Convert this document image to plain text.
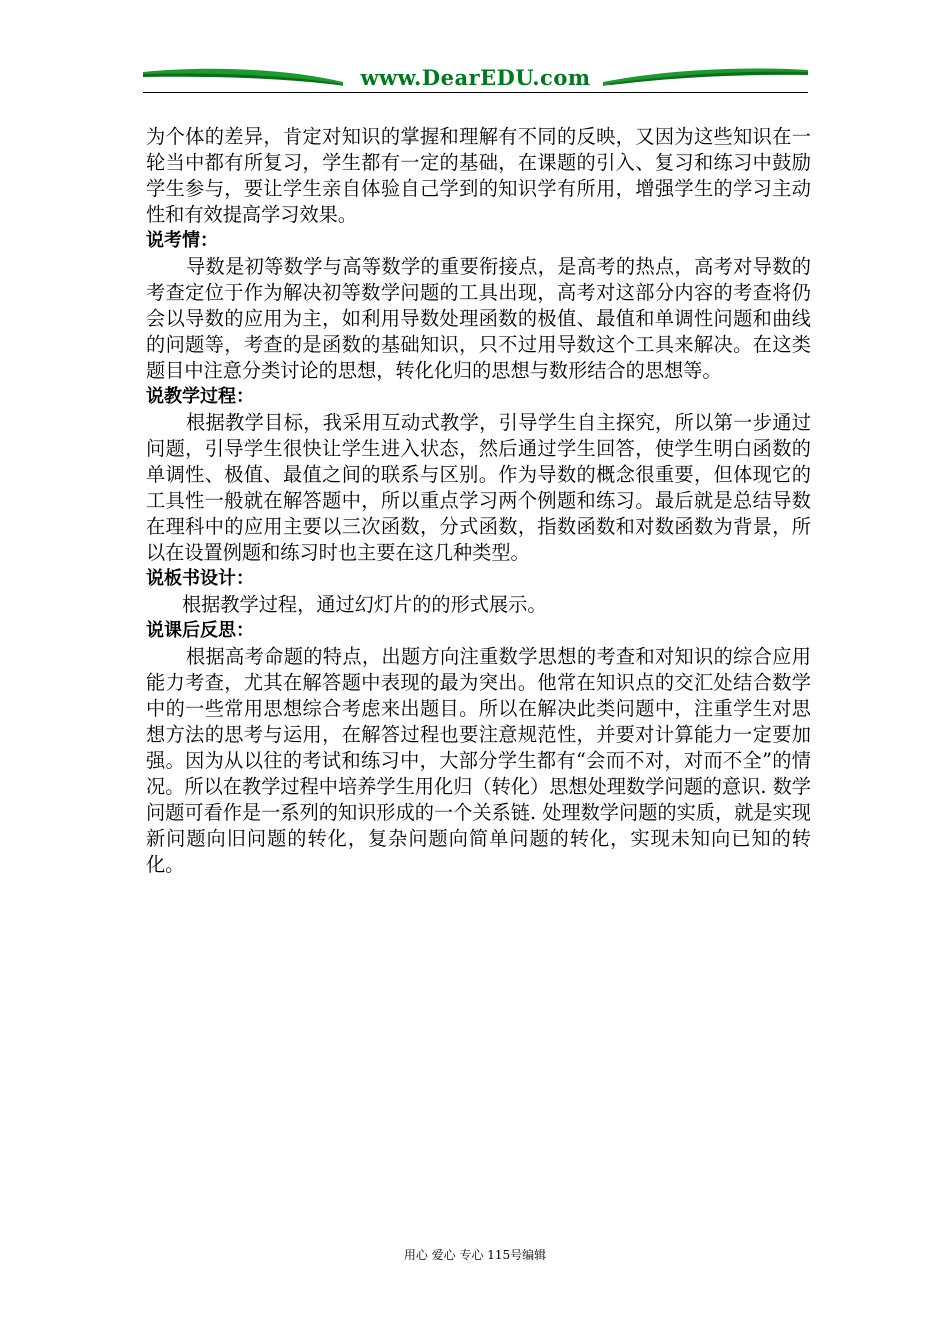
www.DearEDU.com

为个体的差异，肯定对知识的掌握和理解有不同的反映，又因为这些知识在一轮当中都有所复习，学生都有一定的基础，在课题的引入、复习和练习中鼓励学生参与，要让学生亲自体验自己学到的知识学有所用，增强学生的学习主动性和有效提高学习效果。

说考情：

导数是初等数学与高等数学的重要衔接点，是高考的热点，高考对导数的考查定位于作为解决初等数学问题的工具出现，高考对这部分内容的考查将仍会以导数的应用为主，如利用导数处理函数的极值、最值和单调性问题和曲线的问题等，考查的是函数的基础知识，只不过用导数这个工具来解决。在这类题目中注意分类讨论的思想，转化化归的思想与数形结合的思想等。

说教学过程：

根据教学目标，我采用互动式教学，引导学生自主探究，所以第一步通过问题，引导学生很快让学生进入状态，然后通过学生回答，使学生明白函数的单调性、极值、最值之间的联系与区别。作为导数的概念很重要，但体现它的工具性一般就在解答题中，所以重点学习两个例题和练习。最后就是总结导数在理科中的应用主要以三次函数，分式函数，指数函数和对数函数为背景，所以在设置例题和练习时也主要在这几种类型。

说板书设计：

根据教学过程，通过幻灯片的的形式展示。

说课后反思：

根据高考命题的特点，出题方向注重数学思想的考查和对知识的综合应用能力考查，尤其在解答题中表现的最为突出。他常在知识点的交汇处结合数学中的一些常用思想综合考虑来出题目。所以在解决此类问题中，注重学生对思想方法的思考与运用，在解答过程也要注意规范性，并要对计算能力一定要加强。因为从以往的考试和练习中，大部分学生都有“会而不对，对而不全”的情况。所以在教学过程中培养学生用化归（转化）思想处理数学问题的意识. 数学问题可看作是一系列的知识形成的一个关系链. 处理数学问题的实质，就是实现新问题向旧问题的转化，复杂问题向简单问题的转化，实现未知向已知的转化。

用心 爱心 专心 115号编辑
